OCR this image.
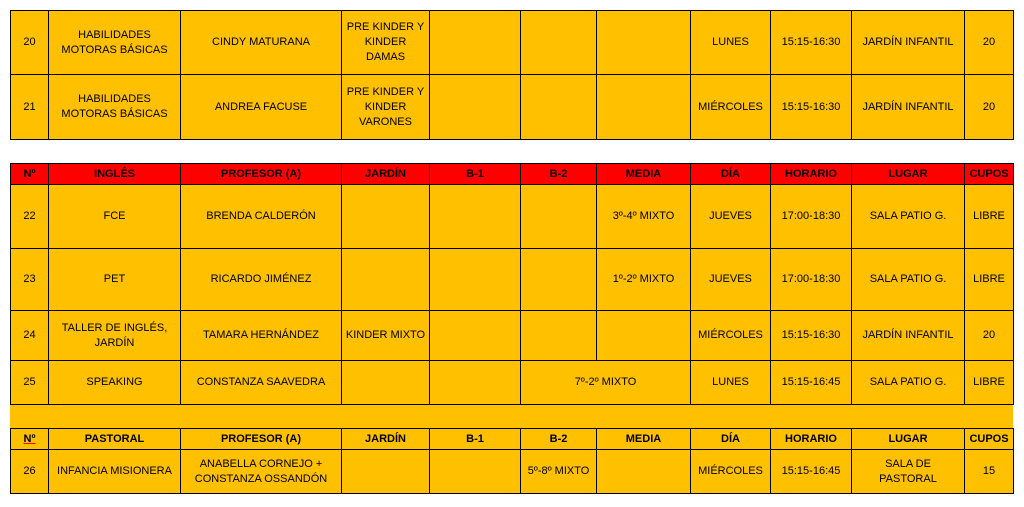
20	HABILIDADES MOTORAS BÁSICAS	CINDY MATURANA	PRE KINDER Y KINDER DAMAS				LUNES	15:15-16:30	JARDÍN INFANTIL	20
21	HABILIDADES MOTORAS BÁSICAS	ANDREA FACUSE	PRE KINDER Y KINDER VARONES				MIÉRCOLES	15:15-16:30	JARDÍN INFANTIL	20
Nº	INGLÉS	PROFESOR (A)	JARDÍN	B-1	B-2	MEDIA	DÍA	HORARIO	LUGAR	CUPOS
22	FCE	BRENDA CALDERÓN				3º-4º MIXTO	JUEVES	17:00-18:30	SALA PATIO G.	LIBRE
23	PET	RICARDO JIMÉNEZ				1º-2º MIXTO	JUEVES	17:00-18:30	SALA PATIO G.	LIBRE
24	TALLER DE INGLÉS, JARDÍN	TAMARA HERNÁNDEZ	KINDER MIXTO				MIÉRCOLES	15:15-16:30	JARDÍN INFANTIL	20
25	SPEAKING	CONSTANZA SAAVEDRA			7º-2º MIXTO		LUNES	15:15-16:45	SALA PATIO G.	LIBRE
Nº	PASTORAL	PROFESOR (A)	JARDÍN	B-1	B-2	MEDIA	DÍA	HORARIO	LUGAR	CUPOS
26	INFANCIA MISIONERA	ANABELLA CORNEJO + CONSTANZA OSSANDÓN			5º-8º MIXTO		MIÉRCOLES	15:15-16:45	SALA DE PASTORAL	15
